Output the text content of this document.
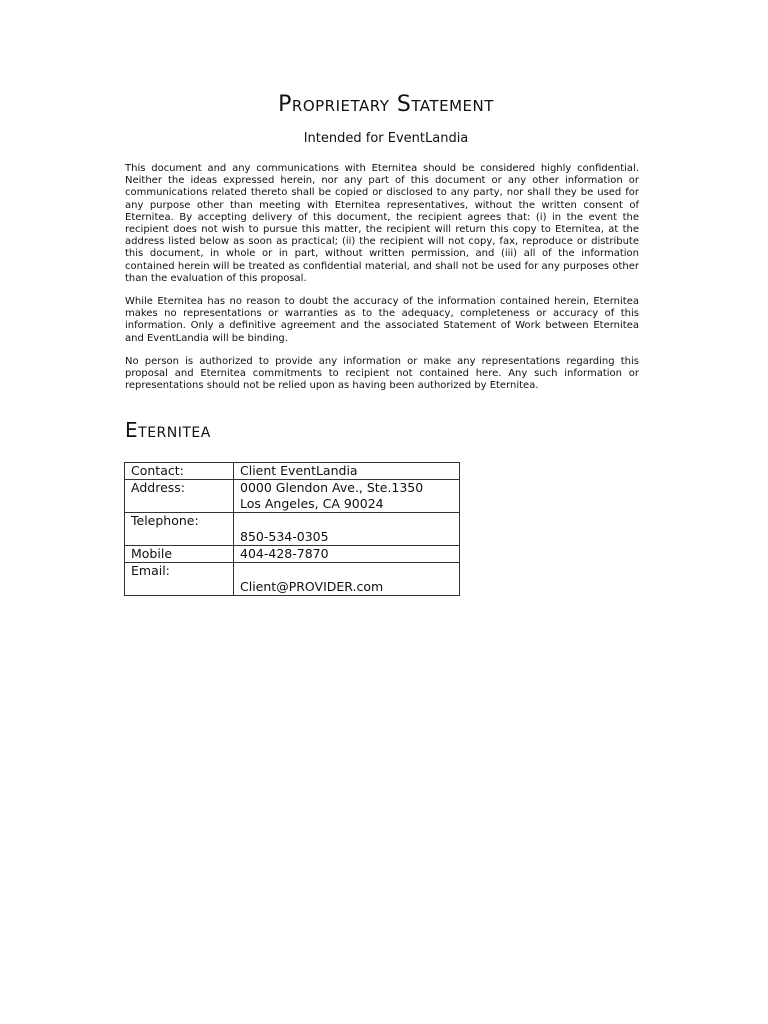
Proprietary Statement

Intended for EventLandia

This document and any communications with Eternitea should be considered highly confidential. Neither the ideas expressed herein, nor any part of this document or any other information or communications related thereto shall be copied or disclosed to any party, nor shall they be used for any purpose other than meeting with Eternitea representatives, without the written consent of Eternitea. By accepting delivery of this document, the recipient agrees that: (i) in the event the recipient does not wish to pursue this matter, the recipient will return this copy to Eternitea, at the address listed below as soon as practical; (ii) the recipient will not copy, fax, reproduce or distribute this document, in whole or in part, without written permission, and (iii) all of the information contained herein will be treated as confidential material, and shall not be used for any purposes other than the evaluation of this proposal.

While Eternitea has no reason to doubt the accuracy of the information contained herein, Eternitea makes no representations or warranties as to the adequacy, completeness or accuracy of this information. Only a definitive agreement and the associated Statement of Work between Eternitea and EventLandia will be binding.

No person is authorized to provide any information or make any representations regarding this proposal and Eternitea commitments to recipient not contained here. Any such information or representations should not be relied upon as having been authorized by Eternitea.

Eternitea
Contact:	Client EventLandia
Address:	0000 Glendon Ave., Ste.1350
Los Angeles, CA 90024

Telephone:	850-534-0305

Mobile	404-428-7870
Email:	Client@PROVIDER.com
